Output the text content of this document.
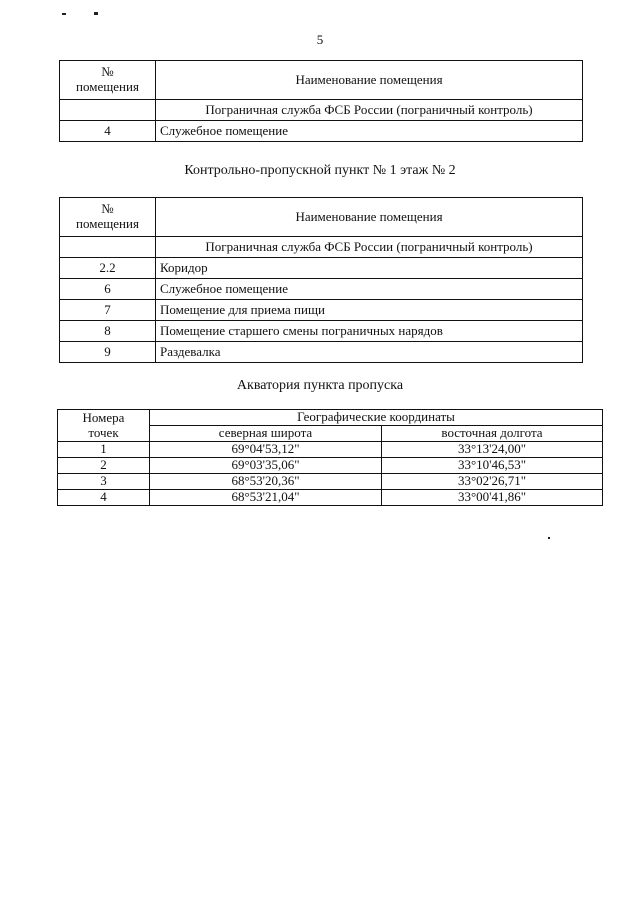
5
№
помещения	Наименование помещения
	Пограничная служба ФСБ России (пограничный контроль)
4	Служебное помещение
Контрольно-пропускной пункт № 1 этаж № 2
№
помещения	Наименование помещения
	Пограничная служба ФСБ России (пограничный контроль)
2.2	Коридор
6	Служебное помещение
7	Помещение для приема пищи
8	Помещение старшего смены пограничных нарядов
9	Раздевалка
Акватория пункта пропуска
Номера
точек	Географические координаты	
	северная широта	восточная долгота
1	69°04'53,12"	33°13'24,00"
2	69°03'35,06"	33°10'46,53"
3	68°53'20,36"	33°02'26,71"
4	68°53'21,04"	33°00'41,86"
